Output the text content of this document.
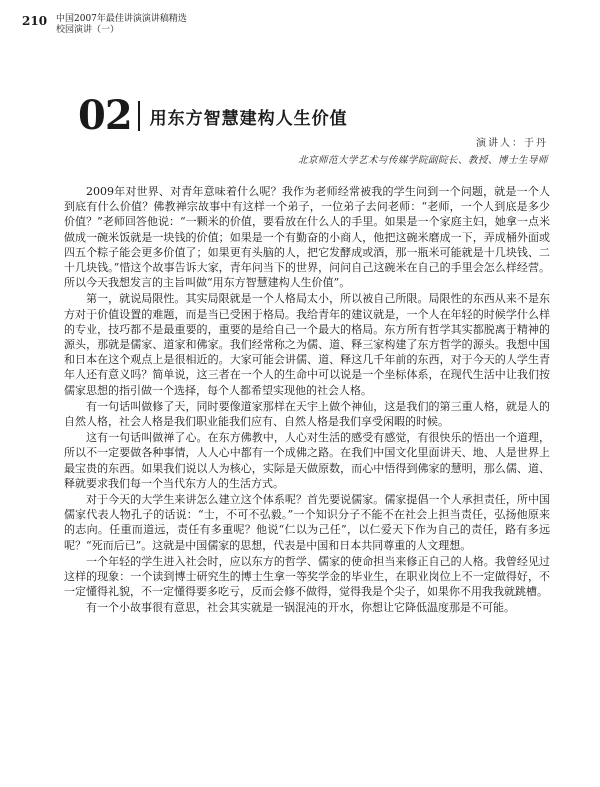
210 中国2007年最佳讲演演讲稿精选
校园演讲（一）
02 用东方智慧建构人生价值
演讲人：于丹
北京师范大学艺术与传媒学院副院长、教授、博士生导师

2009年对世界、对青年意味着什么呢？我作为老师经常被我的学生问到一个问题，就是一个人到底有什么价值？佛教禅宗故事中有这样一个弟子，一位弟子去问老师：“老师，一个人到底是多少价值？”老师回答他说：“一颗米的价值，要看放在什么人的手里。如果是一个家庭主妇，她拿一点米做成一碗米饭就是一块钱的价值；如果是一个有勤奋的小商人，他把这碗米磨成一下，弄成桶外面或四五个粽子能会更多价值了；如果更有头脑的人，把它发酵成或酒，那一瓶米可能就是十几块钱、二十几块钱。”惜这个故事告诉大家，青年问当下的世界，问问自己这碗米在自己的手里会怎么样经营。所以今天我想发言的主旨叫做“用东方智慧建构人生价值”。

第一，就说局限性。其实局限就是一个人格局太小，所以被自己所限。局限性的东西从来不是东方对于价值设置的难题，而是当已受困于格局。我给青年的建议就是，一个人在年轻的时候学什么样的专业，技巧都不是最重要的，重要的是给自己一个最大的格局。东方所有哲学其实都脱离于精神的源头，那就是儒家、道家和佛家。我们经常称之为儒、道、释三家构建了东方哲学的源头。我想中国和日本在这个观点上是很相近的。大家可能会讲儒、道、释这几千年前的东西，对于今天的人学生青年人还有意义吗？简单说，这三者在一个人的生命中可以说是一个坐标体系，在现代生活中让我们按儒家思想的指引做一个选择，每个人都希望实现他的社会人格。

有一句话叫做修了天，同时要像道家那样在天宇上做个神仙，这是我们的第三重人格，就是人的自然人格，社会人格是我们职业能我们应有、自然人格是我们享受闲暇的时候。

这有一句话叫做禅了心。在东方佛教中，人心对生活的感受有感觉，有很快乐的悟出一个道理，所以不一定要做各种事情，人人心中都有一个成佛之路。在我们中国文化里面讲天、地、人是世界上最宝贵的东西。如果我们说以人为核心，实际是天做原数，而心中悟得到佛家的慧明，那么儒、道、释就要求我们每一个当代东方人的生活方式。

对于今天的大学生来讲怎么建立这个体系呢？首先要说儒家。儒家提倡一个人承担责任，所中国儒家代表人物孔子的话说：“士，不可不弘毅。”一个知识分子不能不在社会上担当责任，弘扬他原来的志向。任重而道远，责任有多重呢？他说“仁以为己任”，以仁爱天下作为自己的责任，路有多远呢？“死而后已”。这就是中国儒家的思想，代表是中国和日本共同尊重的人文理想。

一个年轻的学生进入社会时，应以东方的哲学、儒家的使命担当来修正自己的人格。我曾经见过这样的现象：一个读到博士研究生的博士生拿一等奖学金的毕业生，在职业岗位上不一定做得好，不一定懂得礼貌，不一定懂得要多吃亏，反而会修不做得，觉得我是个尖子，如果你不用我我就跳槽。

有一个小故事很有意思，社会其实就是一锅混沌的开水，你想让它降低温度那是不可能。
